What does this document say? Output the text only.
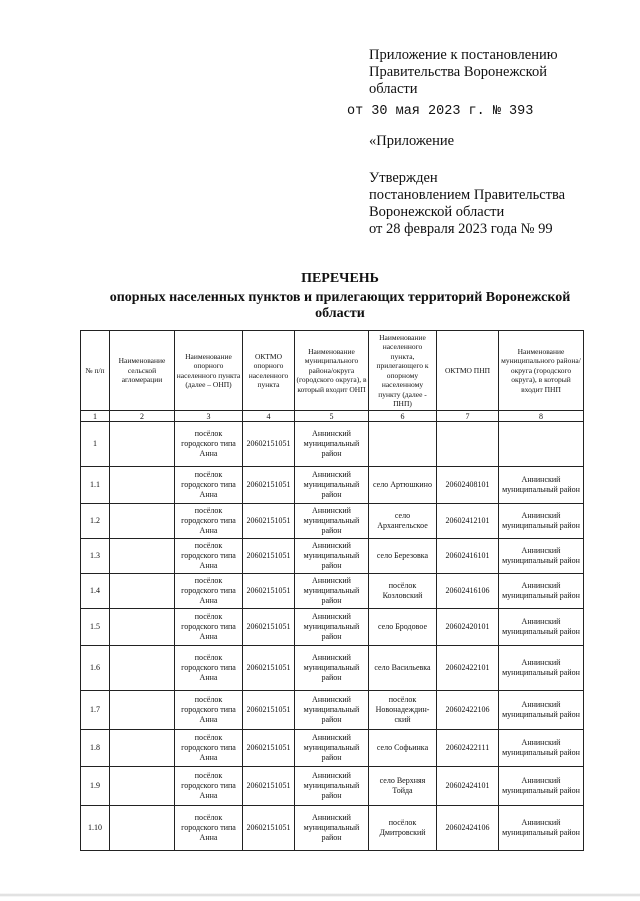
Приложение к постановлению
Правительства Воронежской
области
от 30 мая 2023 г. № 393
«Приложение
Утвержден
постановлением Правительства
Воронежской области
от 28 февраля 2023 года № 99
ПЕРЕЧЕНЬ
опорных населенных пунктов и прилегающих территорий Воронежской
области
№ п/п	Наименование сельской агломерации	Наименование опорного населенного пункта (далее – ОНП)	ОКТМО опорного населенного пункта	Наименование муниципального района/округа (городского округа), в который входит ОНП	Наименование населенного пункта, прилегающего к опорному населенному пункту (далее - ПНП)	ОКТМО ПНП	Наименование муниципального района/округа (городского округа), в который входит ПНП
1	2	3	4	5	6	7	8
1		посёлок городского типа Анна	20602151051	Аннинский муниципальный район			
1.1		посёлок городского типа Анна	20602151051	Аннинский муниципальный район	село Артюшкино	20602408101	Аннинский муниципальный район
1.2		посёлок городского типа Анна	20602151051	Аннинский муниципальный район	село Архангельское	20602412101	Аннинский муниципальный район
1.3		посёлок городского типа Анна	20602151051	Аннинский муниципальный район	село Березовка	20602416101	Аннинский муниципальный район
1.4		посёлок городского типа Анна	20602151051	Аннинский муниципальный район	посёлок Козловский	20602416106	Аннинский муниципальный район
1.5		посёлок городского типа Анна	20602151051	Аннинский муниципальный район	село Бродовое	20602420101	Аннинский муниципальный район
1.6		посёлок городского типа Анна	20602151051	Аннинский муниципальный район	село Васильевка	20602422101	Аннинский муниципальный район
1.7		посёлок городского типа Анна	20602151051	Аннинский муниципальный район	посёлок Новонадеждин-ский	20602422106	Аннинский муниципальный район
1.8		посёлок городского типа Анна	20602151051	Аннинский муниципальный район	село Софьинка	20602422111	Аннинский муниципальный район
1.9		посёлок городского типа Анна	20602151051	Аннинский муниципальный район	село Верхняя Тойда	20602424101	Аннинский муниципальный район
1.10		посёлок городского типа Анна	20602151051	Аннинский муниципальный район	посёлок Дмитровский	20602424106	Аннинский муниципальный район
